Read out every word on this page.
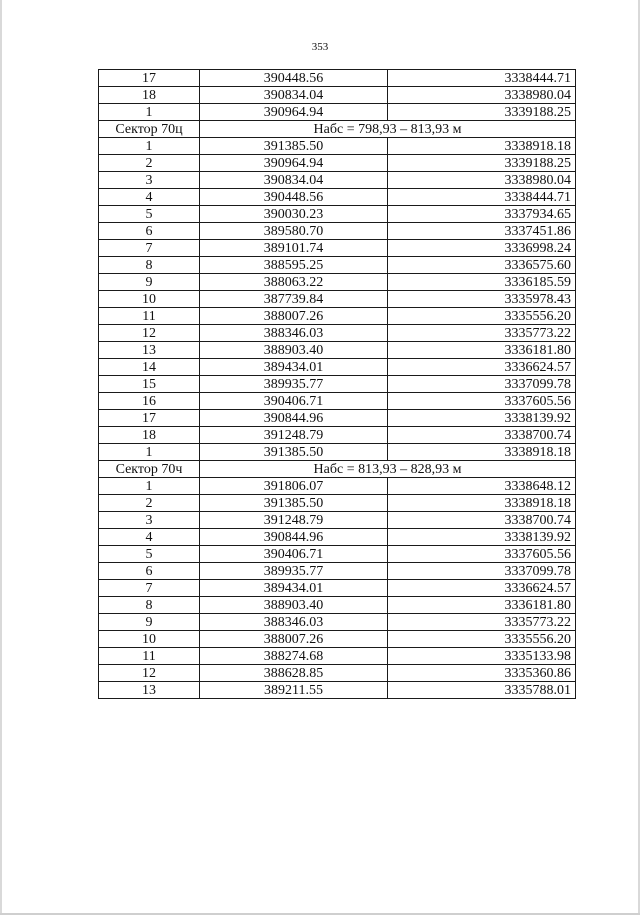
353
17	390448.56	3338444.71
18	390834.04	3338980.04
1	390964.94	3339188.25
Сектор 70ц	Набс = 798,93 – 813,93 м	
1	391385.50	3338918.18
2	390964.94	3339188.25
3	390834.04	3338980.04
4	390448.56	3338444.71
5	390030.23	3337934.65
6	389580.70	3337451.86
7	389101.74	3336998.24
8	388595.25	3336575.60
9	388063.22	3336185.59
10	387739.84	3335978.43
11	388007.26	3335556.20
12	388346.03	3335773.22
13	388903.40	3336181.80
14	389434.01	3336624.57
15	389935.77	3337099.78
16	390406.71	3337605.56
17	390844.96	3338139.92
18	391248.79	3338700.74
1	391385.50	3338918.18
Сектор 70ч	Набс = 813,93 – 828,93 м	
1	391806.07	3338648.12
2	391385.50	3338918.18
3	391248.79	3338700.74
4	390844.96	3338139.92
5	390406.71	3337605.56
6	389935.77	3337099.78
7	389434.01	3336624.57
8	388903.40	3336181.80
9	388346.03	3335773.22
10	388007.26	3335556.20
11	388274.68	3335133.98
12	388628.85	3335360.86
13	389211.55	3335788.01
